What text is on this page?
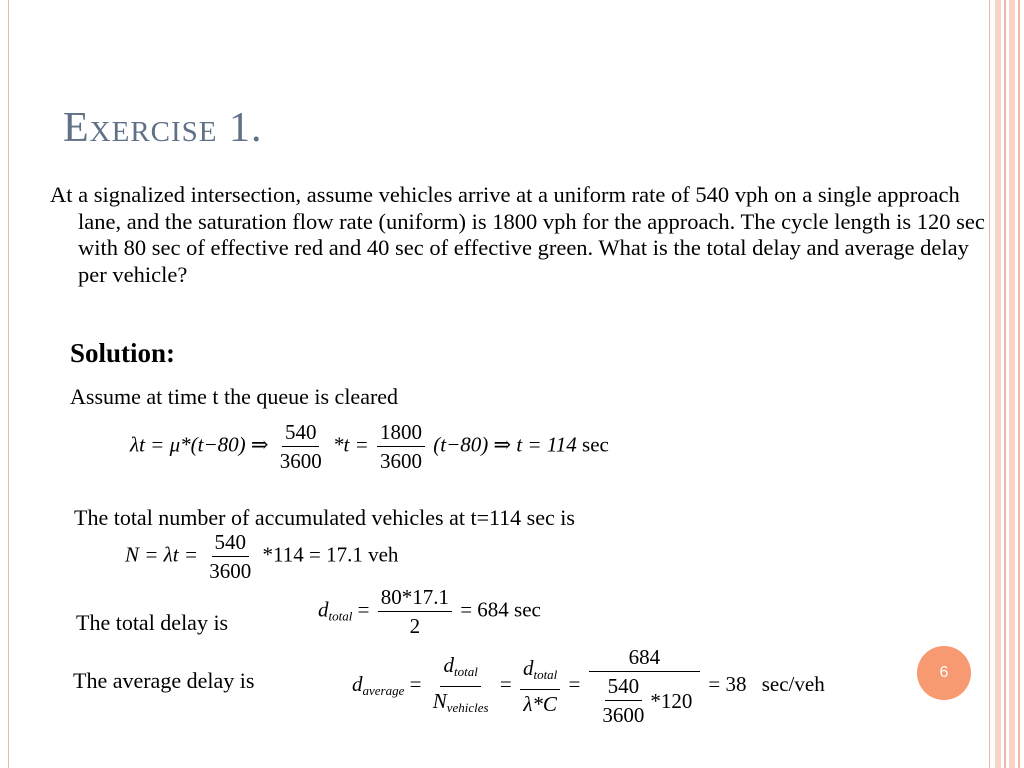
Exercise 1.
At a signalized intersection, assume vehicles arrive at a uniform rate of 540 vph on a single approach lane, and the saturation flow rate (uniform) is 1800 vph for the approach. The cycle length is 120 sec with 80 sec of effective red and 40 sec of effective green. What is the total delay and average delay per vehicle?
Solution:
Assume at time t the queue is cleared
λt = μ*(t−80) ⇒ $\frac{540}{3600} *t = \frac{1800}{3600} (t-80)$ ⇒ t = 114 sec
The total number of accumulated vehicles at t=114 sec is
$N = \lambda t = \frac{540}{3600} *114 = 17.1$ veh
The total delay is
$d_{total} = \frac{80*17.1}{2} = 684$ sec
The average delay is	$d_{average} = \frac{d_{total}}{N_{vehicles}} = \frac{d_{total}}{\lambda*C} = \frac{684}{\frac{540}{3600} *120} = 38$ sec/veh	6
